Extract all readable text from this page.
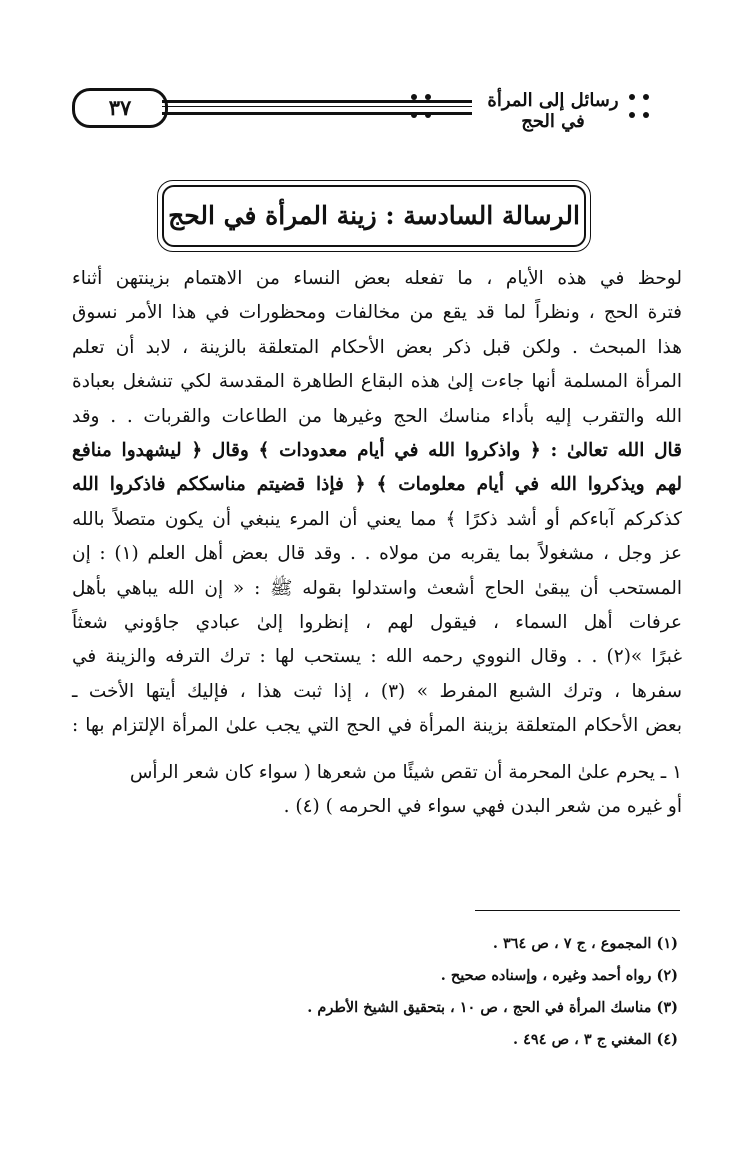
٣٧	رسائل إلى المرأة في الحج
الرسالة السادسة : زينة المرأة في الحج

لوحظ في هذه الأيام ، ما تفعله بعض النساء من الاهتمام بزينتهن أثناء
فترة الحج ، ونظراً لما قد يقع من مخالفات ومحظورات في هذا الأمر نسوق
هذا المبحث . ولكن قبل ذكر بعض الأحكام المتعلقة بالزينة ، لابد أن تعلم
المرأة المسلمة أنها جاءت إلىٰ هذه البقاع الطاهرة المقدسة لكي تنشغل بعبادة
الله والتقرب إليه بأداء مناسك الحج وغيرها من الطاعات والقربات . . وقد
قال الله تعالىٰ : ﴿ واذكروا الله في أيام معدودات ﴾ وقال ﴿ ليشهدوا منافع
لهم ويذكروا الله في أيام معلومات ﴾ ﴿ فإذا قضيتم مناسككم فاذكروا الله
كذكركم آباءكم أو أشد ذكرًا ﴾ مما يعني أن المرء ينبغي أن يكون متصلاً بالله
عز وجل ، مشغولاً بما يقربه من مولاه . . وقد قال بعض أهل العلم (١) : إن
المستحب أن يبقىٰ الحاج أشعث واستدلوا بقوله ﷺ : « إن الله يباهي بأهل
عرفات أهل السماء ، فيقول لهم ، إنظروا إلىٰ عبادي جاؤوني شعثاً
غبرًا »(٢) . . وقال النووي رحمه الله : يستحب لها : ترك الترفه والزينة في
سفرها ، وترك الشبع المفرط » (٣) ، إذا ثبت هذا ، فإليك أيتها الأخت ـ
بعض الأحكام المتعلقة بزينة المرأة في الحج التي يجب علىٰ المرأة الإلتزام بها :

١ ـ يحرم علىٰ المحرمة أن تقص شيئًا من شعرها ( سواء كان شعر الرأس
أو غيره من شعر البدن فهي سواء في الحرمه ) (٤) .

(١) المجموع ، ج ٧ ، ص ٣٦٤ .
(٢) رواه أحمد وغيره ، وإسناده صحيح .
(٣) مناسك المرأة في الحج ، ص ١٠ ، بتحقيق الشيخ الأطرم .
(٤) المغني ج ٣ ، ص ٤٩٤ .
